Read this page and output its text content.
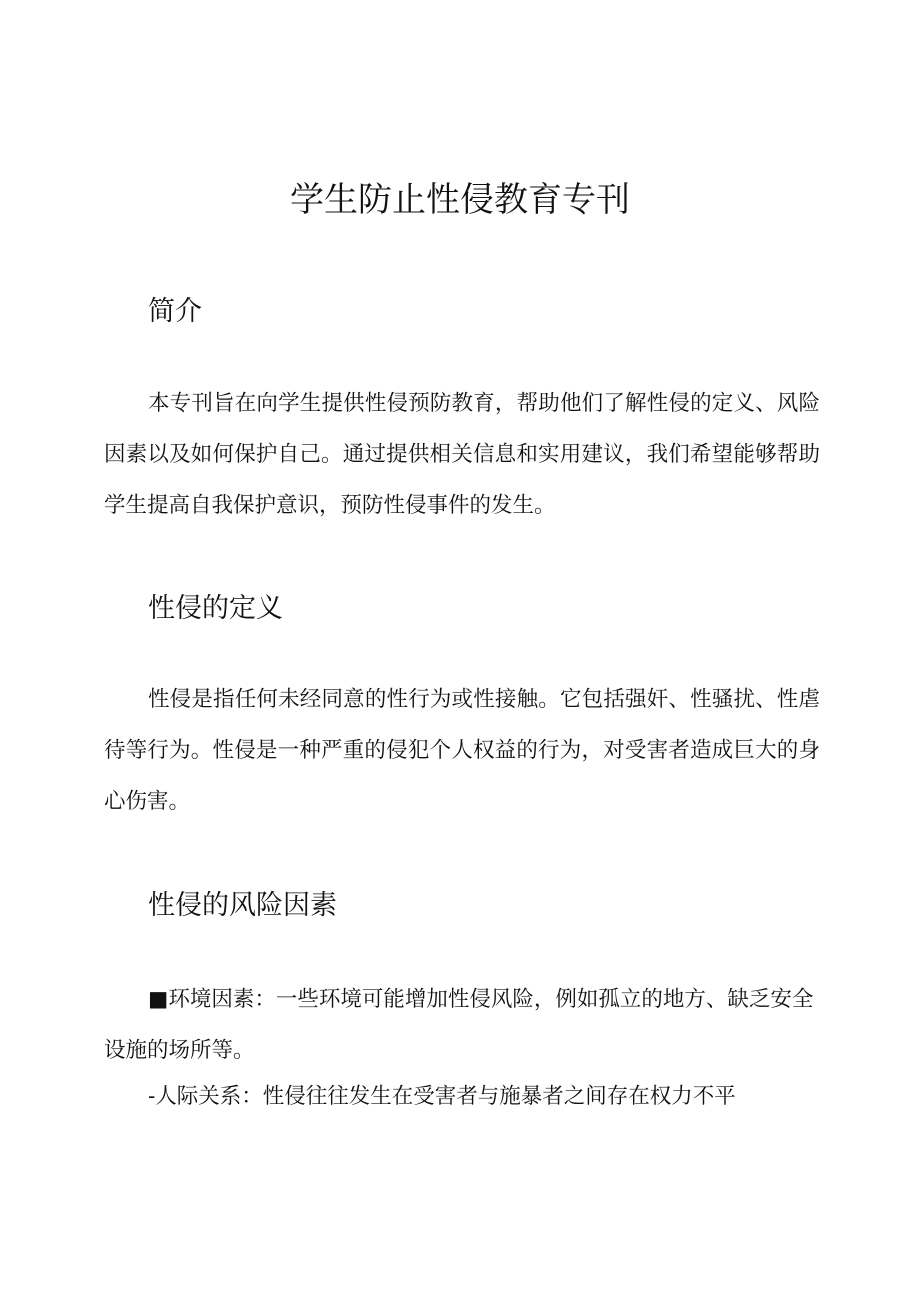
学生防止性侵教育专刊
简介

本专刊旨在向学生提供性侵预防教育，帮助他们了解性侵的定义、风险因素以及如何保护自己。通过提供相关信息和实用建议，我们希望能够帮助学生提高自我保护意识，预防性侵事件的发生。

性侵的定义

性侵是指任何未经同意的性行为或性接触。它包括强奸、性骚扰、性虐待等行为。性侵是一种严重的侵犯个人权益的行为，对受害者造成巨大的身心伤害。

性侵的风险因素

■环境因素：一些环境可能增加性侵风险，例如孤立的地方、缺乏安全设施的场所等。

-人际关系：性侵往往发生在受害者与施暴者之间存在权力不平
